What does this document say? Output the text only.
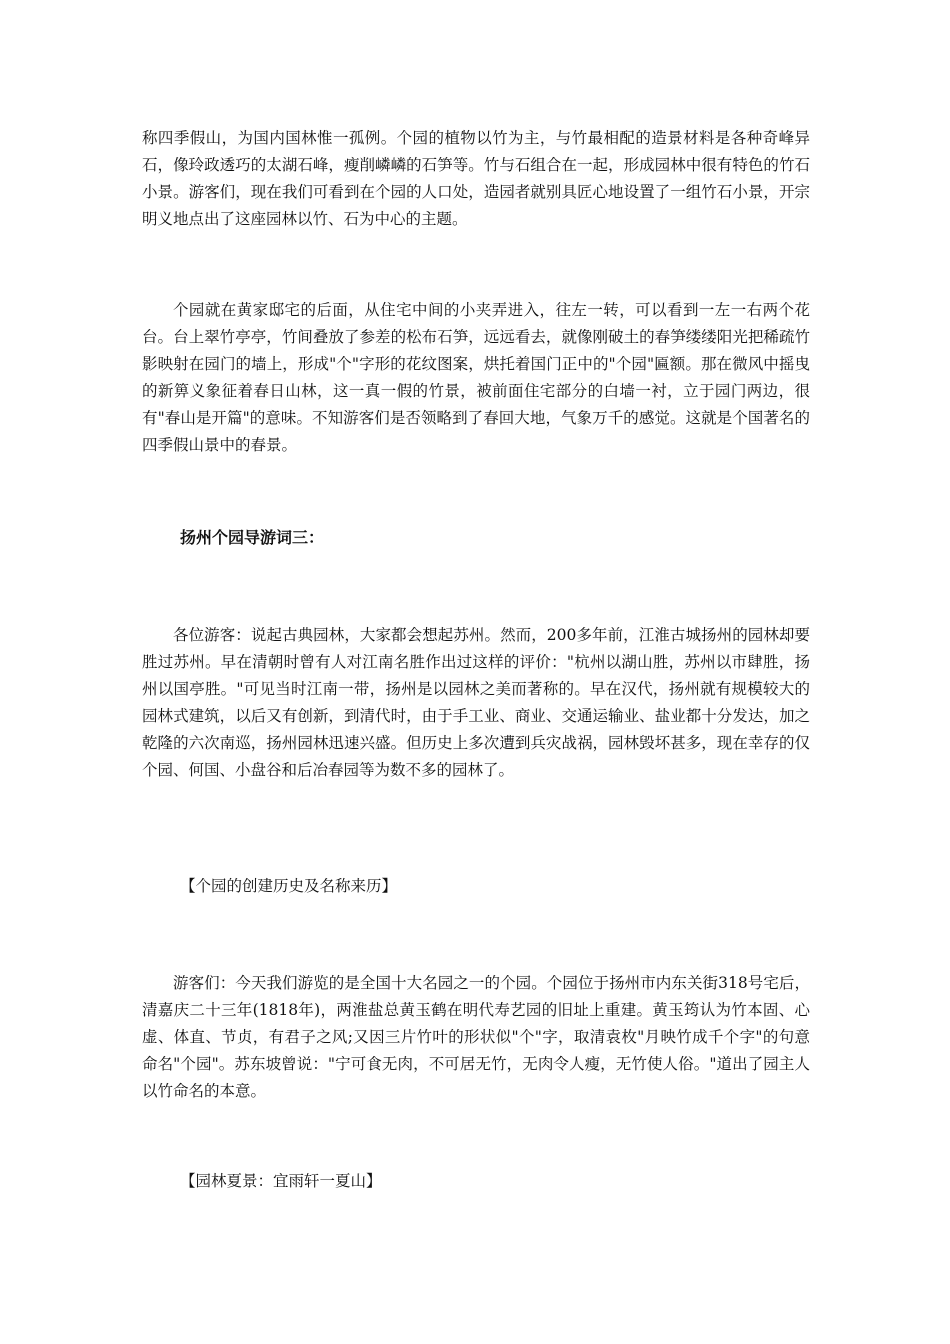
称四季假山，为国内国林惟一孤例。个园的植物以竹为主，与竹最相配的造景材料是各种奇峰异石，像玲政透巧的太湖石峰，瘦削嶙嶙的石笋等。竹与石组合在一起，形成园林中很有特色的竹石小景。游客们，现在我们可看到在个园的人口处，造园者就别具匠心地设置了一组竹石小景，开宗明义地点出了这座园林以竹、石为中心的主题。

个园就在黄家邸宅的后面，从住宅中间的小夹弄进入，往左一转，可以看到一左一右两个花台。台上翠竹亭亭，竹间叠放了参差的松布石笋，远远看去，就像刚破土的春笋缕缕阳光把稀疏竹影映射在园门的墙上，形成"个"字形的花纹图案，烘托着国门正中的"个园"匾额。那在微风中摇曳的新箅义象征着春日山林，这一真一假的竹景，被前面住宅部分的白墙一衬，立于园门两边，很有"春山是开篇"的意味。不知游客们是否领略到了春回大地，气象万千的感觉。这就是个国著名的四季假山景中的春景。

扬州个园导游词三：

各位游客：说起古典园林，大家都会想起苏州。然而，200多年前，江淮古城扬州的园林却要胜过苏州。早在清朝时曾有人对江南名胜作出过这样的评价："杭州以湖山胜，苏州以市肆胜，扬州以国亭胜。"可见当时江南一带，扬州是以园林之美而著称的。早在汉代，扬州就有规模较大的园林式建筑，以后又有创新，到清代时，由于手工业、商业、交通运输业、盐业都十分发达，加之乾隆的六次南巡，扬州园林迅速兴盛。但历史上多次遭到兵灾战祸，园林毁坏甚多，现在幸存的仅个园、何国、小盘谷和后冶春园等为数不多的园林了。

【个园的创建历史及名称来历】

游客们：今天我们游览的是全国十大名园之一的个园。个园位于扬州市内东关街318号宅后，清嘉庆二十三年(1818年)，两淮盐总黄玉鹤在明代寿艺园的旧址上重建。黄玉筠认为竹本固、心虚、体直、节贞，有君子之风;又因三片竹叶的形状似"个"字，取清袁枚"月映竹成千个字"的句意命名"个园"。苏东坡曾说："宁可食无肉，不可居无竹，无肉令人瘦，无竹使人俗。"道出了园主人以竹命名的本意。

【园林夏景：宜雨轩一夏山】
